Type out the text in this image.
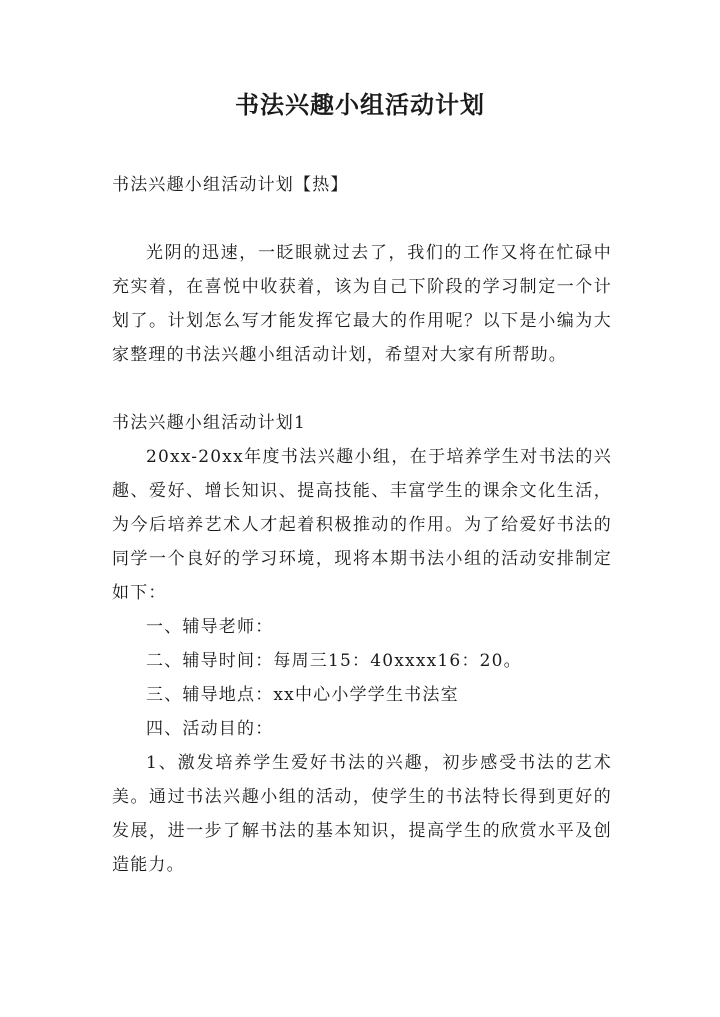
书法兴趣小组活动计划

书法兴趣小组活动计划【热】

光阴的迅速，一眨眼就过去了，我们的工作又将在忙碌中充实着，在喜悦中收获着，该为自己下阶段的学习制定一个计划了。计划怎么写才能发挥它最大的作用呢？以下是小编为大家整理的书法兴趣小组活动计划，希望对大家有所帮助。

书法兴趣小组活动计划1

20xx-20xx年度书法兴趣小组，在于培养学生对书法的兴趣、爱好、增长知识、提高技能、丰富学生的课余文化生活，为今后培养艺术人才起着积极推动的作用。为了给爱好书法的同学一个良好的学习环境，现将本期书法小组的活动安排制定如下：

一、辅导老师：

二、辅导时间：每周三15：40xxxx16：20。

三、辅导地点：xx中心小学学生书法室

四、活动目的：

1、激发培养学生爱好书法的兴趣，初步感受书法的艺术美。通过书法兴趣小组的活动，使学生的书法特长得到更好的发展，进一步了解书法的基本知识，提高学生的欣赏水平及创造能力。
